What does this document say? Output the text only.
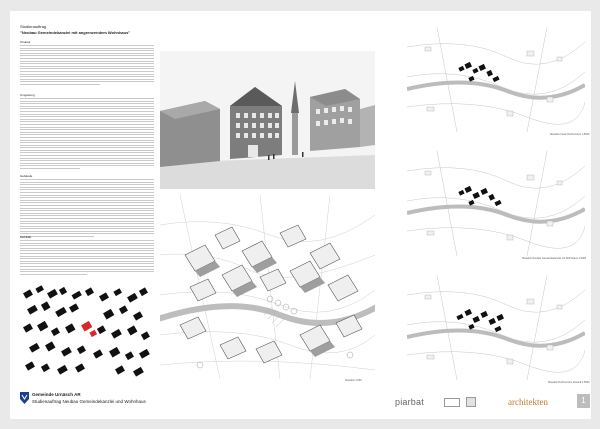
Studienauftrag
"Neubau Gemeindekanzlei mit angrenzendem Wohnhaus"
Struktur
Umgebung
Gebäude
Mobilität
Gemeinde Urnäsch AR
Studienauftrag Neubau Gemeindekanzlei und Wohnhaus
Situation 1:500
Situation heute Dorfzentrum 1:5000
Situation Neubau Gemeindekanzlei mit Wohnhaus 1:5000
Situation Dorfzentrum Zukunft 1:5000
piarbat	architekten	1
